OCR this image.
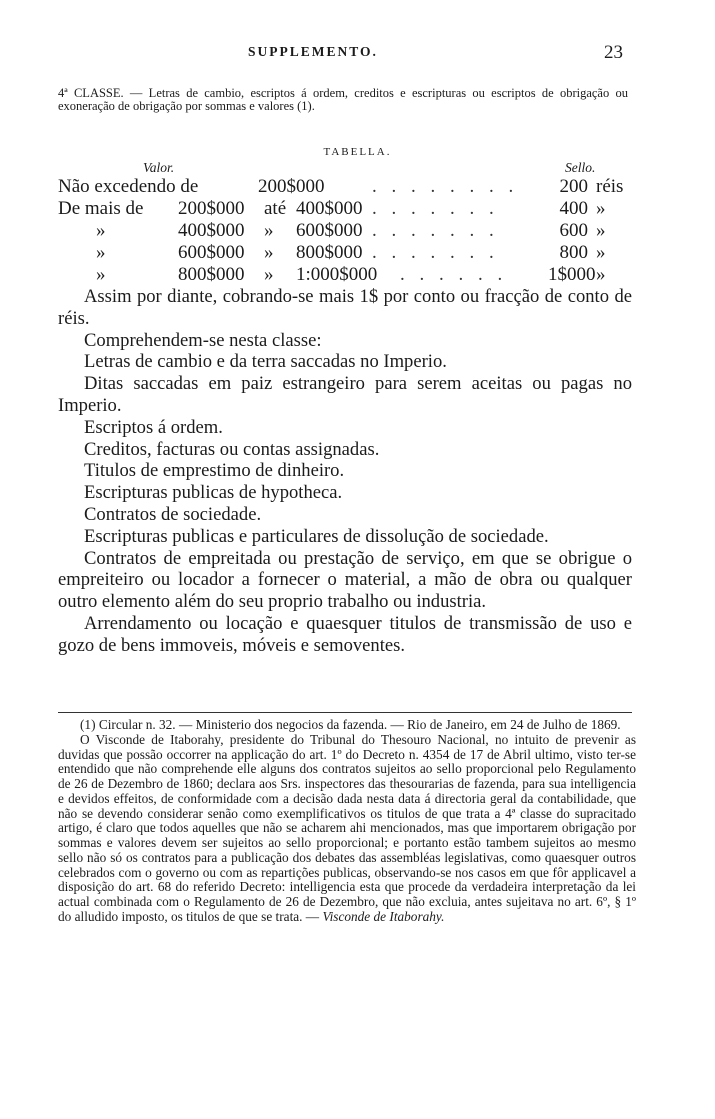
SUPPLEMENTO.	23

4ª CLASSE. — Letras de cambio, escriptos á ordem, creditos e escripturas ou escriptos de obrigação ou exoneração de obrigação por sommas e valores (1).

TABELLA.
Valor.	Sello.
Não excedendo de	200$000	. . . . . . . .	200 réis
De mais de 200$000 até 400$000 . . . . . . .	400 »
»	400$000 » 600$000 . . . . . . .	600 »
»	600$000 » 800$000 . . . . . . .	800 »
»	800$000 » 1:000$000 . . . . . . 1$000 »

Assim por diante, cobrando-se mais 1$ por conto ou fracção de conto de réis.

Comprehendem-se nesta classe:

Letras de cambio e da terra saccadas no Imperio.

Ditas saccadas em paiz estrangeiro para serem aceitas ou pagas no Imperio.

Escriptos á ordem.

Creditos, facturas ou contas assignadas.

Titulos de emprestimo de dinheiro.

Escripturas publicas de hypotheca.

Contratos de sociedade.

Escripturas publicas e particulares de dissolução de sociedade.

Contratos de empreitada ou prestação de serviço, em que se obrigue o empreiteiro ou locador a fornecer o material, a mão de obra ou qualquer outro elemento além do seu proprio trabalho ou industria.

Arrendamento ou locação e quaesquer titulos de transmissão de uso e gozo de bens immoveis, móveis e semoventes.

(1) Circular n. 32. — Ministerio dos negocios da fazenda. — Rio de Janeiro, em 24 de Julho de 1869.

O Visconde de Itaborahy, presidente do Tribunal do Thesouro Nacional, no intuito de prevenir as duvidas que possão occorrer na applicação do art. 1º do Decreto n. 4354 de 17 de Abril ultimo, visto ter-se entendido que não comprehende elle alguns dos contratos sujeitos ao sello proporcional pelo Regulamento de 26 de Dezembro de 1860; declara aos Srs. inspectores das thesourarias de fazenda, para sua intelligencia e devidos effeitos, de conformidade com a decisão dada nesta data á directoria geral da contabilidade, que não se devendo considerar senão como exemplificativos os titulos de que trata a 4ª classe do supracitado artigo, é claro que todos aquelles que não se acharem ahi mencionados, mas que importarem obrigação por sommas e valores devem ser sujeitos ao sello proporcional; e portanto estão tambem sujeitos ao mesmo sello não só os contratos para a publicação dos debates das assembléas legislativas, como quaesquer outros celebrados com o governo ou com as repartições publicas, observando-se nos casos em que fôr applicavel a disposição do art. 68 do referido Decreto: intelligencia esta que procede da verdadeira interpretação da lei actual combinada com o Regulamento de 26 de Dezembro, que não excluia, antes sujeitava no art. 6º, § 1º do alludido imposto, os titulos de que se trata. — Visconde de Itaborahy.
